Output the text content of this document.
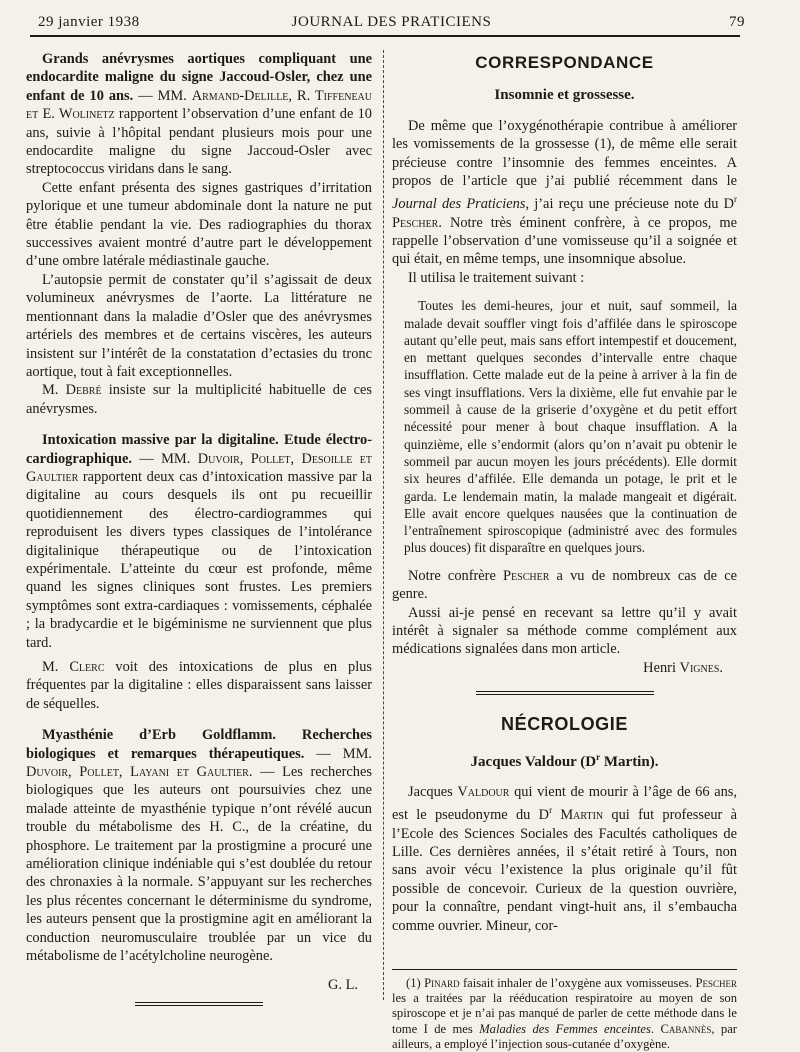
29 janvier 1938	JOURNAL DES PRATICIENS	79

Grands anévrysmes aortiques compliquant une endocardite maligne du signe Jaccoud-Osler, chez une enfant de 10 ans. — MM. Armand-Delille, R. Tiffeneau et E. Wolinetz rapportent l’observation d’une enfant de 10 ans, suivie à l’hôpital pendant plusieurs mois pour une endocardite maligne du signe Jaccoud-Osler avec streptococcus viridans dans le sang.

Cette enfant présenta des signes gastriques d’irritation pylorique et une tumeur abdominale dont la nature ne put être établie pendant la vie. Des radiographies du thorax successives avaient montré d’autre part le développement d’une ombre latérale médiastinale gauche.

L’autopsie permit de constater qu’il s’agissait de deux volumineux anévrysmes de l’aorte. La littérature ne mentionnant dans la maladie d’Osler que des anévrysmes artériels des membres et de certains viscères, les auteurs insistent sur l’intérêt de la constatation d’ectasies du tronc aortique, tout à fait exceptionnelles.

M. Debré insiste sur la multiplicité habituelle de ces anévrysmes.

Intoxication massive par la digitaline. Etude électro-cardiographique. — MM. Duvoir, Pollet, Desoille et Gaultier rapportent deux cas d’intoxication massive par la digitaline au cours desquels ils ont pu recueillir quotidiennement des électro-cardiogrammes qui reproduisent les divers types classiques de l’intolérance digitalinique thérapeutique ou de l’intoxication expérimentale. L’atteinte du cœur est profonde, même quand les signes cliniques sont frustes. Les premiers symptômes sont extra-cardiaques : vomissements, céphalée ; la bradycardie et le bigéminisme ne surviennent que plus tard.

M. Clerc voit des intoxications de plus en plus fréquentes par la digitaline : elles disparaissent sans laisser de séquelles.

Myasthénie d’Erb Goldflamm. Recherches biologiques et remarques thérapeutiques. — MM. Duvoir, Pollet, Layani et Gaultier. — Les recherches biologiques que les auteurs ont poursuivies chez une malade atteinte de myasthénie typique n’ont révélé aucun trouble du métabolisme des H. C., de la créatine, du phosphore. Le traitement par la prostigmine a procuré une amélioration clinique indéniable qui s’est doublée du retour des chronaxies à la normale. S’appuyant sur les recherches les plus récentes concernant le déterminisme du syndrome, les auteurs pensent que la prostigmine agit en améliorant la conduction neuromusculaire troublée par un vice du métabolisme de l’acétylcholine neurogène.

G. L.

CORRESPONDANCE
Insomnie et grossesse.

De même que l’oxygénothérapie contribue à améliorer les vomissements de la grossesse (1), de même elle serait précieuse contre l’insomnie des femmes enceintes. A propos de l’article que j’ai publié récemment dans le Journal des Praticiens, j’ai reçu une précieuse note du $D^r$ Pescher. Notre très éminent confrère, à ce propos, me rappelle l’observation d’une vomisseuse qu’il a soignée et qui était, en même temps, une insomnique absolue.

Il utilisa le traitement suivant :

Toutes les demi-heures, jour et nuit, sauf sommeil, la malade devait souffler vingt fois d’affilée dans le spiroscope autant qu’elle peut, mais sans effort intempestif et doucement, en mettant quelques secondes d’intervalle entre chaque insufflation. Cette malade eut de la peine à arriver à la fin de ses vingt insufflations. Vers la dixième, elle fut envahie par le sommeil à cause de la griserie d’oxygène et du petit effort nécessité pour mener à bout chaque insufflation. A la quinzième, elle s’endormit (alors qu’on n’avait pu obtenir le sommeil par aucun moyen les jours précédents). Elle dormit six heures d’affilée. Elle demanda un potage, le prit et le garda. Le lendemain matin, la malade mangeait et digérait. Elle avait encore quelques nausées que la continuation de l’entraînement spiroscopique (administré avec des formules plus douces) fit disparaître en quelques jours.

Notre confrère Pescher a vu de nombreux cas de ce genre.

Aussi ai-je pensé en recevant sa lettre qu’il y avait intérêt à signaler sa méthode comme complément aux médications signalées dans mon article.

Henri Vignes.

NÉCROLOGIE
Jacques Valdour ($D^r$ Martin).

Jacques Valdour qui vient de mourir à l’âge de 66 ans, est le pseudonyme du $D^r$ Martin qui fut professeur à l’Ecole des Sciences Sociales des Facultés catholiques de Lille. Ces dernières années, il s’était retiré à Tours, non sans avoir vécu l’existence la plus originale qu’il fût possible de concevoir. Curieux de la question ouvrière, pour la connaître, pendant vingt-huit ans, il s’embaucha comme ouvrier. Mineur, cor-

(1) Pinard faisait inhaler de l’oxygène aux vomisseuses. Pescher les a traitées par la rééducation respiratoire au moyen de son spiroscope et je n’ai pas manqué de parler de cette méthode dans le tome I de mes Maladies des Femmes enceintes. Cabannès, par ailleurs, a employé l’injection sous-cutanée d’oxygène.
